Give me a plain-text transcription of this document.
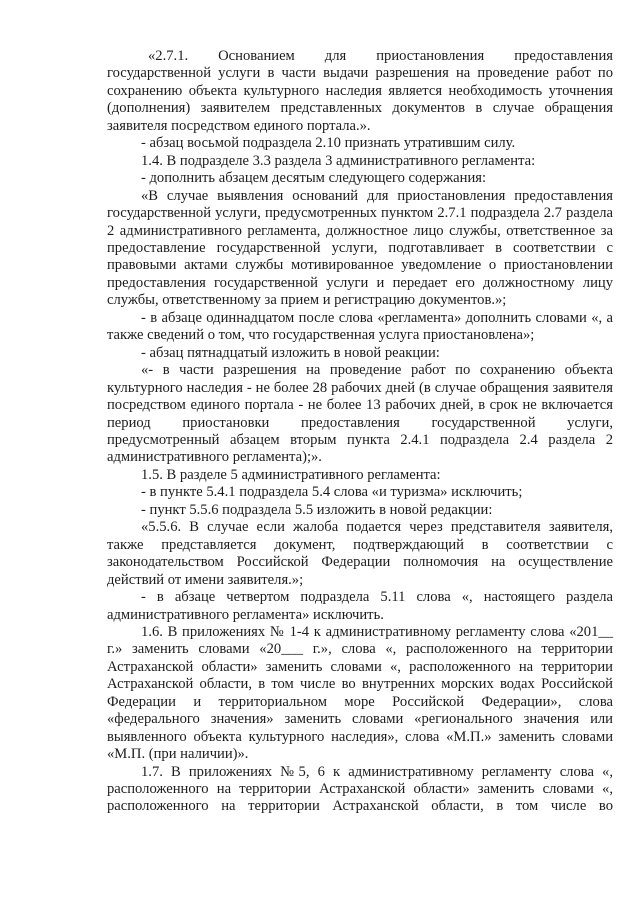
«2.7.1. Основанием для приостановления предоставления государственной услуги в части выдачи разрешения на проведение работ по сохранению объекта культурного наследия является необходимость уточнения (дополнения) заявителем представленных документов в случае обращения заявителя посредством единого портала.».

- абзац восьмой подраздела 2.10 признать утратившим силу.

1.4. В подразделе 3.3 раздела 3 административного регламента:

- дополнить абзацем десятым следующего содержания:

«В случае выявления оснований для приостановления предоставления государственной услуги, предусмотренных пунктом 2.7.1 подраздела 2.7 раздела 2 административного регламента, должностное лицо службы, ответственное за предоставление государственной услуги, подготавливает в соответствии с правовыми актами службы мотивированное уведомление о приостановлении предоставления государственной услуги и передает его должностному лицу службы, ответственному за прием и регистрацию документов.»;

- в абзаце одиннадцатом после слова «регламента» дополнить словами «, а также сведений о том, что государственная услуга приостановлена»;

- абзац пятнадцатый изложить в новой реакции:

«- в части разрешения на проведение работ по сохранению объекта культурного наследия - не более 28 рабочих дней (в случае обращения заявителя посредством единого портала - не более 13 рабочих дней, в срок не включается период приостановки предоставления государственной услуги, предусмотренный абзацем вторым пункта 2.4.1 подраздела 2.4 раздела 2 административного регламента);».

1.5. В разделе 5 административного регламента:

- в пункте 5.4.1 подраздела 5.4 слова «и туризма» исключить;

- пункт 5.5.6 подраздела 5.5 изложить в новой редакции:

«5.5.6. В случае если жалоба подается через представителя заявителя, также представляется документ, подтверждающий в соответствии с законодательством Российской Федерации полномочия на осуществление действий от имени заявителя.»;

- в абзаце четвертом подраздела 5.11 слова «, настоящего раздела административного регламента» исключить.

1.6. В приложениях № 1-4 к административному регламенту слова «201__ г.» заменить словами «20___ г.», слова «, расположенного на территории Астраханской области» заменить словами «, расположенного на территории Астраханской области, в том числе во внутренних морских водах Российской Федерации и территориальном море Российской Федерации», слова «федерального значения» заменить словами «регионального значения или выявленного объекта культурного наследия», слова «М.П.» заменить словами «М.П. (при наличии)».

1.7. В приложениях №5, 6 к административному регламенту слова «, расположенного на территории Астраханской области» заменить словами «, расположенного на территории Астраханской области, в том числе во
